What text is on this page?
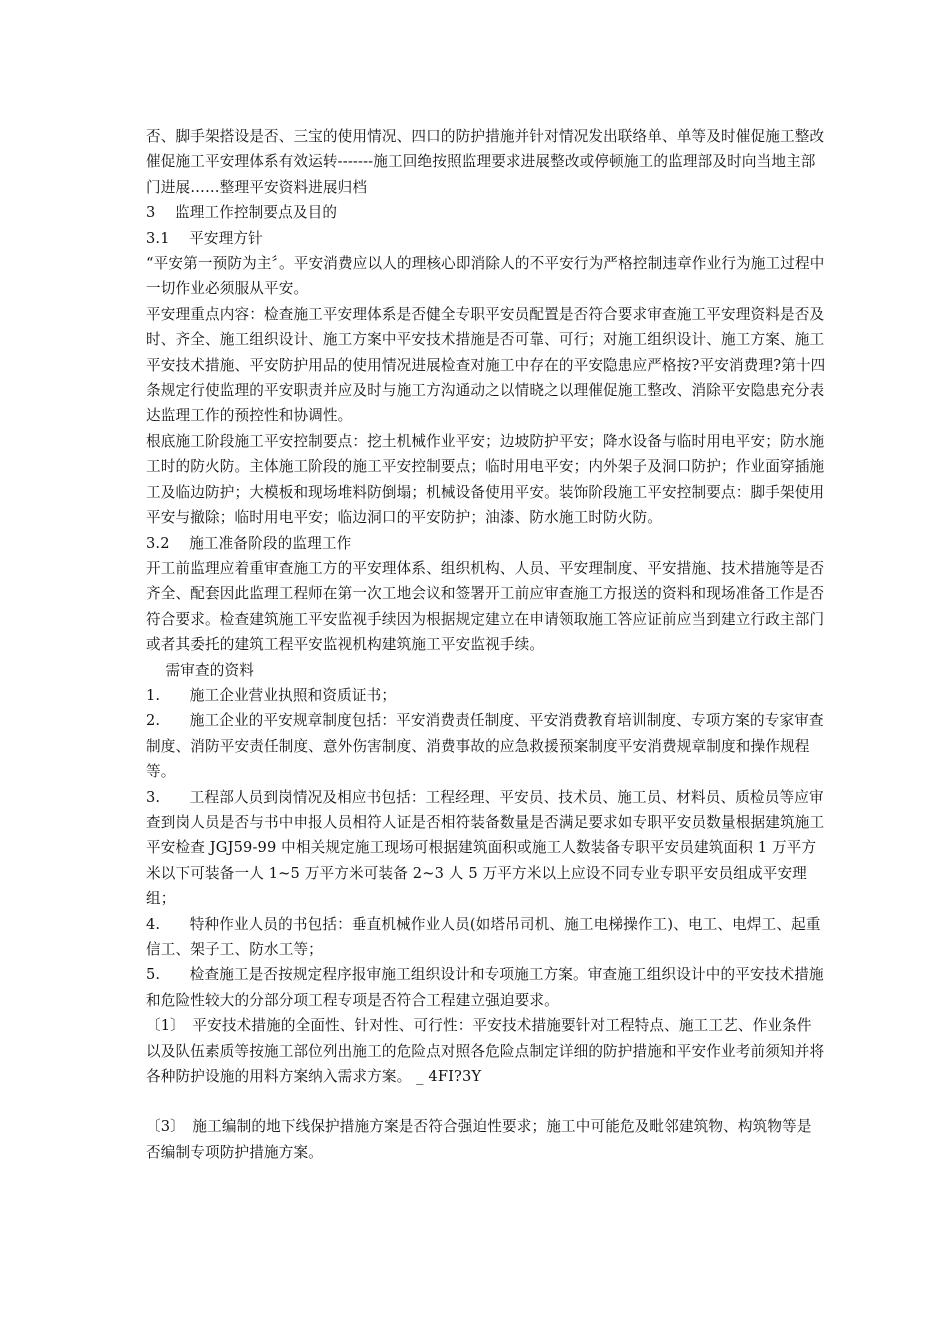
否、脚手架搭设是否、三宝的使用情况、四口的防护措施并针对情况发出联络单、单等及时催促施工整改催促施工平安理体系有效运转-------施工回绝按照监理要求进展整改或停顿施工的监理部及时向当地主部门进展……整理平安资料进展归档

3　 监理工作控制要点及目的

3.1　 平安理方针

“平安第一预防为主〞。平安消费应以人的理核心即消除人的不平安行为严格控制违章作业行为施工过程中一切作业必须服从平安。

平安理重点内容：检查施工平安理体系是否健全专职平安员配置是否符合要求审查施工平安理资料是否及时、齐全、施工组织设计、施工方案中平安技术措施是否可靠、可行；对施工组织设计、施工方案、施工平安技术措施、平安防护用品的使用情况进展检查对施工中存在的平安隐患应严格按?平安消费理?第十四条规定行使监理的平安职责并应及时与施工方沟通动之以情晓之以理催促施工整改、消除平安隐患充分表达监理工作的预控性和协调性。

根底施工阶段施工平安控制要点：挖土机械作业平安；边坡防护平安；降水设备与临时用电平安；防水施工时的防火防。主体施工阶段的施工平安控制要点；临时用电平安；内外架子及洞口防护；作业面穿插施工及临边防护；大模板和现场堆料防倒塌；机械设备使用平安。装饰阶段施工平安控制要点：脚手架使用平安与撤除；临时用电平安；临边洞口的平安防护；油漆、防水施工时防火防。

3.2　 施工准备阶段的监理工作

开工前监理应着重审查施工方的平安理体系、组织机构、人员、平安理制度、平安措施、技术措施等是否齐全、配套因此监理工程师在第一次工地会议和签署开工前应审查施工方报送的资料和现场准备工作是否符合要求。检查建筑施工平安监视手续因为根据规定建立在申请领取施工答应证前应当到建立行政主部门或者其委托的建筑工程平安监视机构建筑施工平安监视手续。

　 需审查的资料

1.　　施工企业营业执照和资质证书；

2.　　施工企业的平安规章制度包括：平安消费责任制度、平安消费教育培训制度、专项方案的专家审查制度、消防平安责任制度、意外伤害制度、消费事故的应急救援预案制度平安消费规章制度和操作规程等。

3.　　工程部人员到岗情况及相应书包括：工程经理、平安员、技术员、施工员、材料员、质检员等应审查到岗人员是否与书中申报人员相符人证是否相符装备数量是否满足要求如专职平安员数量根据建筑施工平安检查 JGJ59-99 中相关规定施工现场可根据建筑面积或施工人数装备专职平安员建筑面积 1 万平方米以下可装备一人 1~5 万平方米可装备 2~3 人 5 万平方米以上应设不同专业专职平安员组成平安理组；

4.　　特种作业人员的书包括：垂直机械作业人员(如塔吊司机、施工电梯操作工)、电工、电焊工、起重信工、架子工、防水工等；

5.　　检查施工是否按规定程序报审施工组织设计和专项施工方案。审查施工组织设计中的平安技术措施和危险性较大的分部分项工程专项是否符合工程建立强迫要求。

〔1〕　平安技术措施的全面性、针对性、可行性：平安技术措施要针对工程特点、施工工艺、作业条件以及队伍素质等按施工部位列出施工的危险点对照各危险点制定详细的防护措施和平安作业考前须知并将各种防护设施的用料方案纳入需求方案。 _ 4FI?3Y

〔3〕　施工编制的地下线保护措施方案是否符合强迫性要求；施工中可能危及毗邻建筑物、构筑物等是否编制专项防护措施方案。
